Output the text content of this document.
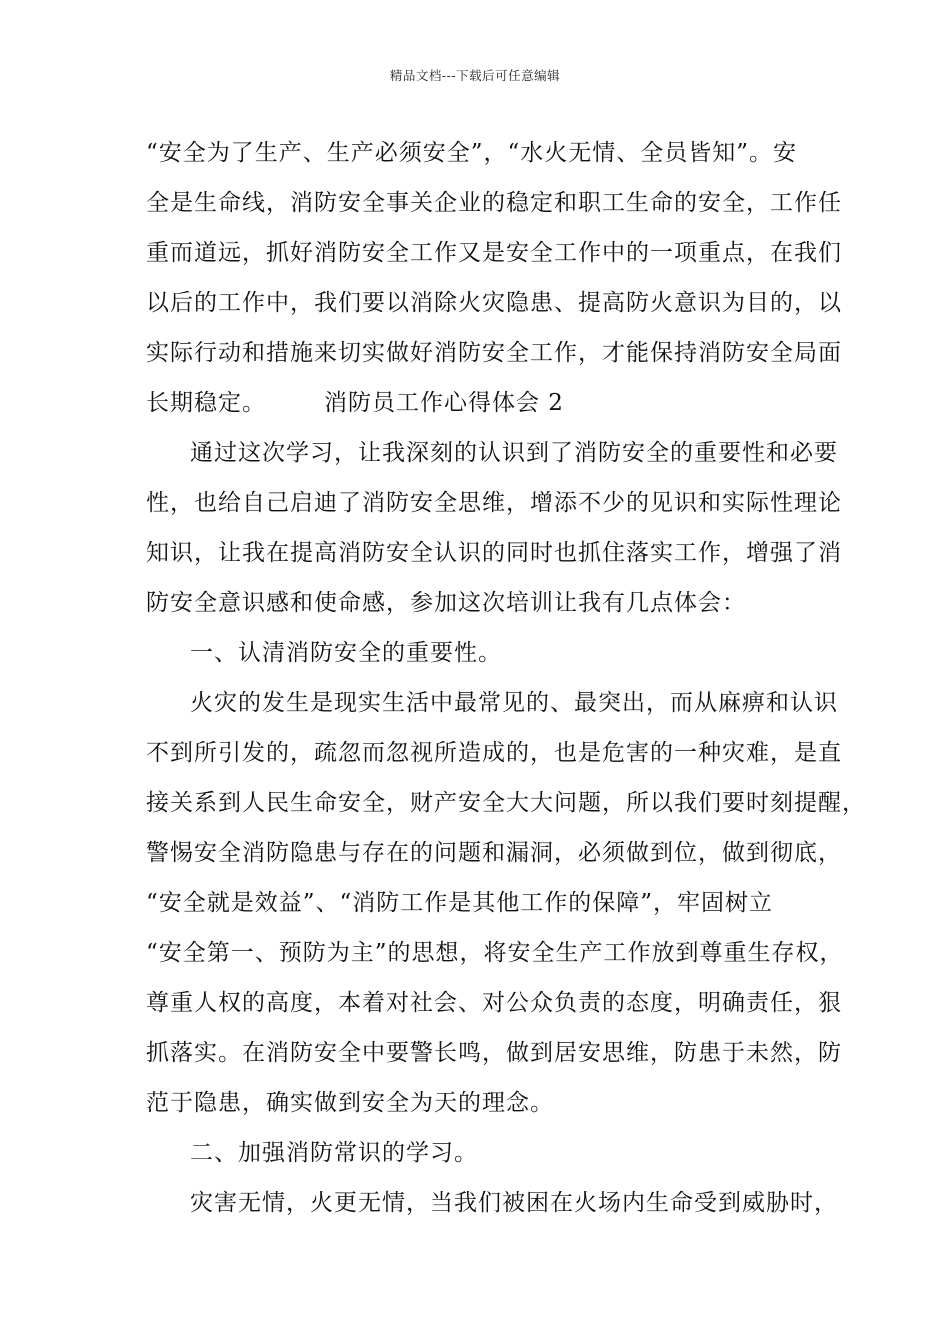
精品文档---下载后可任意编辑
“安全为了生产、生产必须安全”，“水火无情、全员皆知”。安
全是生命线，消防安全事关企业的稳定和职工生命的安全，工作任
重而道远，抓好消防安全工作又是安全工作中的一项重点，在我们
以后的工作中，我们要以消除火灾隐患、提高防火意识为目的，以
实际行动和措施来切实做好消防安全工作，才能保持消防安全局面
长期稳定。	消防员工作心得体会 2
通过这次学习，让我深刻的认识到了消防安全的重要性和必要
性，也给自己启迪了消防安全思维，增添不少的见识和实际性理论
知识，让我在提高消防安全认识的同时也抓住落实工作，增强了消
防安全意识感和使命感，参加这次培训让我有几点体会：
一、认清消防安全的重要性。
火灾的发生是现实生活中最常见的、最突出，而从麻痹和认识
不到所引发的，疏忽而忽视所造成的，也是危害的一种灾难，是直
接关系到人民生命安全，财产安全大大问题，所以我们要时刻提醒，
警惕安全消防隐患与存在的问题和漏洞，必须做到位，做到彻底，
“安全就是效益”、“消防工作是其他工作的保障”，牢固树立
“安全第一、预防为主”的思想，将安全生产工作放到尊重生存权，
尊重人权的高度，本着对社会、对公众负责的态度，明确责任，狠
抓落实。在消防安全中要警长鸣，做到居安思维，防患于未然，防
范于隐患，确实做到安全为天的理念。
二、加强消防常识的学习。
灾害无情，火更无情，当我们被困在火场内生命受到威胁时，
